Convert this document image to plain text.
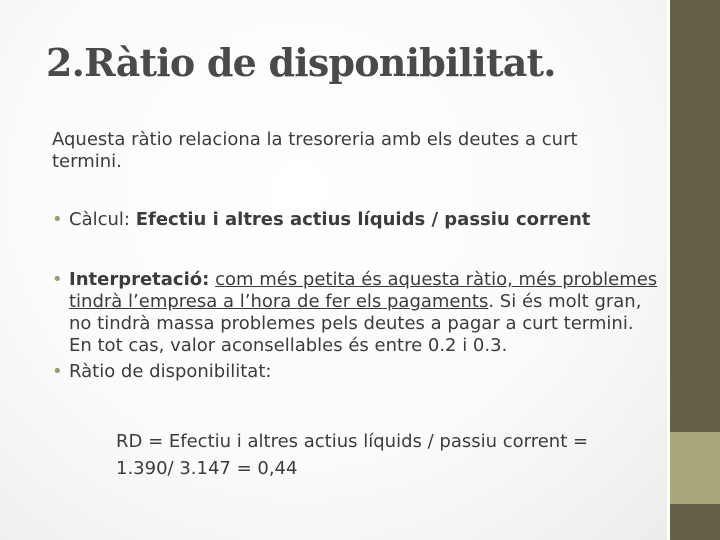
2.Ràtio de disponibilitat.
Aquesta ràtio relaciona la tresoreria amb els deutes a curt termini.
• Càlcul: Efectiu i altres actius líquids / passiu corrent
• Interpretació: com més petita és aquesta ràtio, més problemes tindrà l’empresa a l’hora de fer els pagaments. Si és molt gran, no tindrà massa problemes pels deutes a pagar a curt termini. En tot cas, valor aconsellables és entre 0.2 i 0.3.
• Ràtio de disponibilitat:
RD = Efectiu i altres actius líquids / passiu corrent =
1.390/ 3.147 = 0,44
